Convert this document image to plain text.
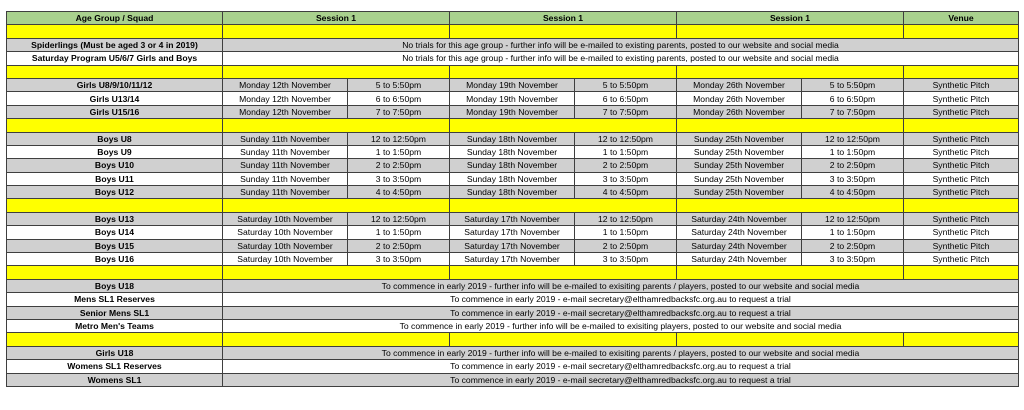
Age Group / Squad	Session 1		Session 1		Session 1		Venue

Spiderlings (Must be aged 3 or 4 in 2019)	No trials for this age group - further info will be e-mailed to existing parents, posted to our website and social media						
Saturday Program U5/6/7 Girls and Boys	No trials for this age group - further info will be e-mailed to existing parents, posted to our website and social media						

Girls U8/9/10/11/12	Monday 12th November	5 to 5:50pm	Monday 19th November	5 to 5:50pm	Monday 26th November	5 to 5:50pm	Synthetic Pitch
Girls U13/14	Monday 12th November	6 to 6:50pm	Monday 19th November	6 to 6:50pm	Monday 26th November	6 to 6:50pm	Synthetic Pitch
Girls U15/16	Monday 12th November	7 to 7:50pm	Monday 19th November	7 to 7:50pm	Monday 26th November	7 to 7:50pm	Synthetic Pitch

Boys U8	Sunday 11th November	12 to 12:50pm	Sunday 18th November	12 to 12:50pm	Sunday 25th November	12 to 12:50pm	Synthetic Pitch
Boys U9	Sunday 11th November	1 to 1:50pm	Sunday 18th November	1 to 1:50pm	Sunday 25th November	1 to 1:50pm	Synthetic Pitch
Boys U10	Sunday 11th November	2 to 2:50pm	Sunday 18th November	2 to 2:50pm	Sunday 25th November	2 to 2:50pm	Synthetic Pitch
Boys U11	Sunday 11th November	3 to 3:50pm	Sunday 18th November	3 to 3:50pm	Sunday 25th November	3 to 3:50pm	Synthetic Pitch
Boys U12	Sunday 11th November	4 to 4:50pm	Sunday 18th November	4 to 4:50pm	Sunday 25th November	4 to 4:50pm	Synthetic Pitch

Boys U13	Saturday 10th November	12 to 12:50pm	Saturday 17th November	12 to 12:50pm	Saturday 24th November	12 to 12:50pm	Synthetic Pitch
Boys U14	Saturday 10th November	1 to 1:50pm	Saturday 17th November	1 to 1:50pm	Saturday 24th November	1 to 1:50pm	Synthetic Pitch
Boys U15	Saturday 10th November	2 to 2:50pm	Saturday 17th November	2 to 2:50pm	Saturday 24th November	2 to 2:50pm	Synthetic Pitch
Boys U16	Saturday 10th November	3 to 3:50pm	Saturday 17th November	3 to 3:50pm	Saturday 24th November	3 to 3:50pm	Synthetic Pitch

Boys U18	To commence in early 2019 - further info will be e-mailed to exisiting parents / players, posted to our website and social media						
Mens SL1 Reserves	To commence in early 2019 - e-mail secretary@elthamredbacksfc.org.au to request a trial						
Senior Mens SL1	To commence in early 2019 - e-mail secretary@elthamredbacksfc.org.au to request a trial						
Metro Men's Teams	To commence in early 2019 - further info will be e-mailed to exisiting players, posted to our website and social media						

Girls U18	To commence in early 2019 - further info will be e-mailed to exisiting parents / players, posted to our website and social media						
Womens SL1 Reserves	To commence in early 2019 - e-mail secretary@elthamredbacksfc.org.au to request a trial						
Womens SL1	To commence in early 2019 - e-mail secretary@elthamredbacksfc.org.au to request a trial						
